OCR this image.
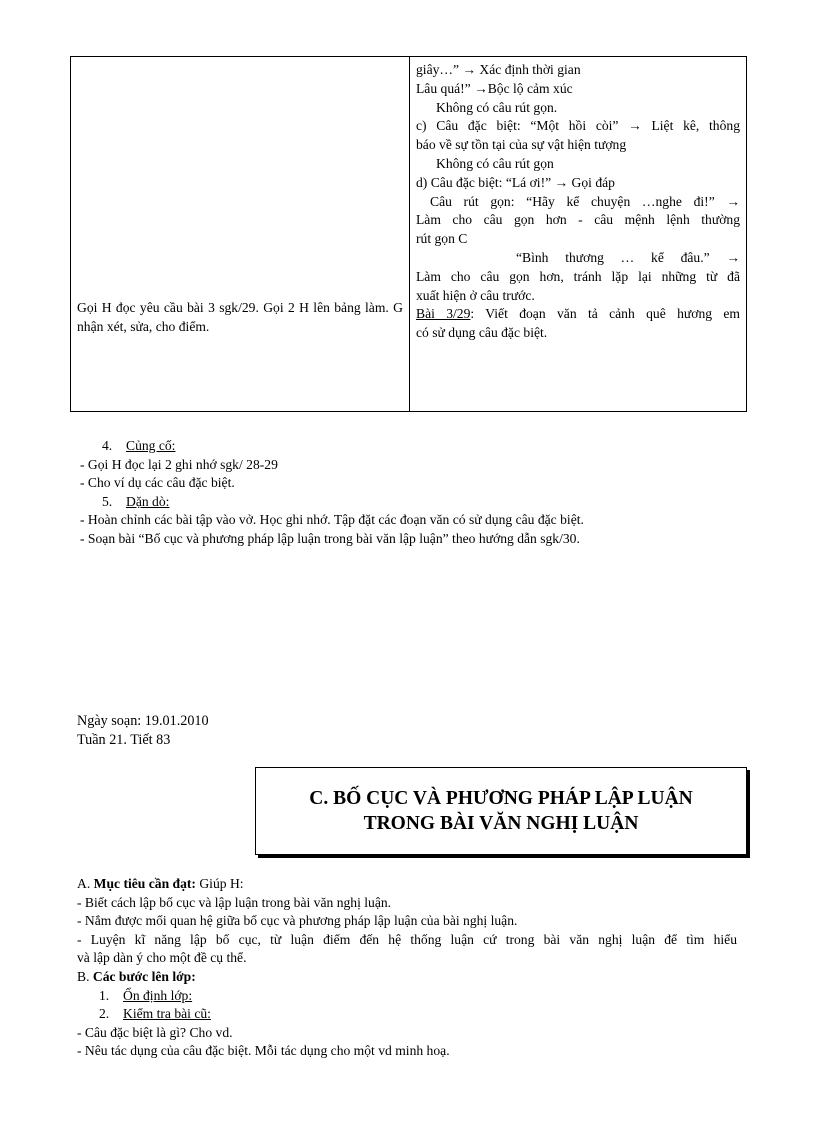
Gọi H đọc yêu cầu bài 3 sgk/29. Gọi 2 H lên bảng làm. G nhận xét, sửa, cho điểm.

giây…” → Xác định thời gian
Lâu quá!” →Bộc lộ cảm xúc
Không có câu rút gọn.
c) Câu đặc biệt: “Một hồi còi” → Liệt kê, thông
báo về sự tồn tại của sự vật hiện tượng
Không có câu rút gọn
d) Câu đặc biệt: “Lá ơi!” → Gọi đáp
Câu rút gọn: “Hãy kể chuyện …nghe đi!” →
Làm cho câu gọn hơn - câu mệnh lệnh thường
rút gọn C
“Bình thương … kể đâu.” →
Làm cho câu gọn hơn, tránh lặp lại những từ đã
xuất hiện ở câu trước.
Bài 3/29: Viết đoạn văn tả cảnh quê hương em
có sử dụng câu đặc biệt.
4. Củng cố:
- Gọi H đọc lại 2 ghi nhớ sgk/ 28-29
- Cho ví dụ các câu đặc biệt.
5. Dặn dò:
- Hoàn chỉnh các bài tập vào vở. Học ghi nhớ. Tập đặt các đoạn văn có sử dụng câu đặc biệt.
- Soạn bài “Bố cục và phương pháp lập luận trong bài văn lập luận” theo hướng dẫn sgk/30.
Ngày soạn: 19.01.2010
Tuần 21. Tiết 83
C. BỐ CỤC VÀ PHƯƠNG PHÁP LẬP LUẬN
TRONG BÀI VĂN NGHỊ LUẬN
A. Mục tiêu cần đạt: Giúp H:
- Biết cách lập bố cục và lập luận trong bài văn nghị luận.
- Nắm được mối quan hệ giữa bố cục và phương pháp lập luận của bài nghị luận.
- Luyện kĩ năng lập bố cục, từ luận điểm đến hệ thống luận cứ trong bài văn nghị luận để tìm hiểu
và lập dàn ý cho một đề cụ thể.
B. Các bước lên lớp:
1. Ổn định lớp:
2. Kiểm tra bài cũ:
- Câu đặc biệt là gì? Cho vd.
- Nêu tác dụng của câu đặc biệt. Mỗi tác dụng cho một vd minh hoạ.
